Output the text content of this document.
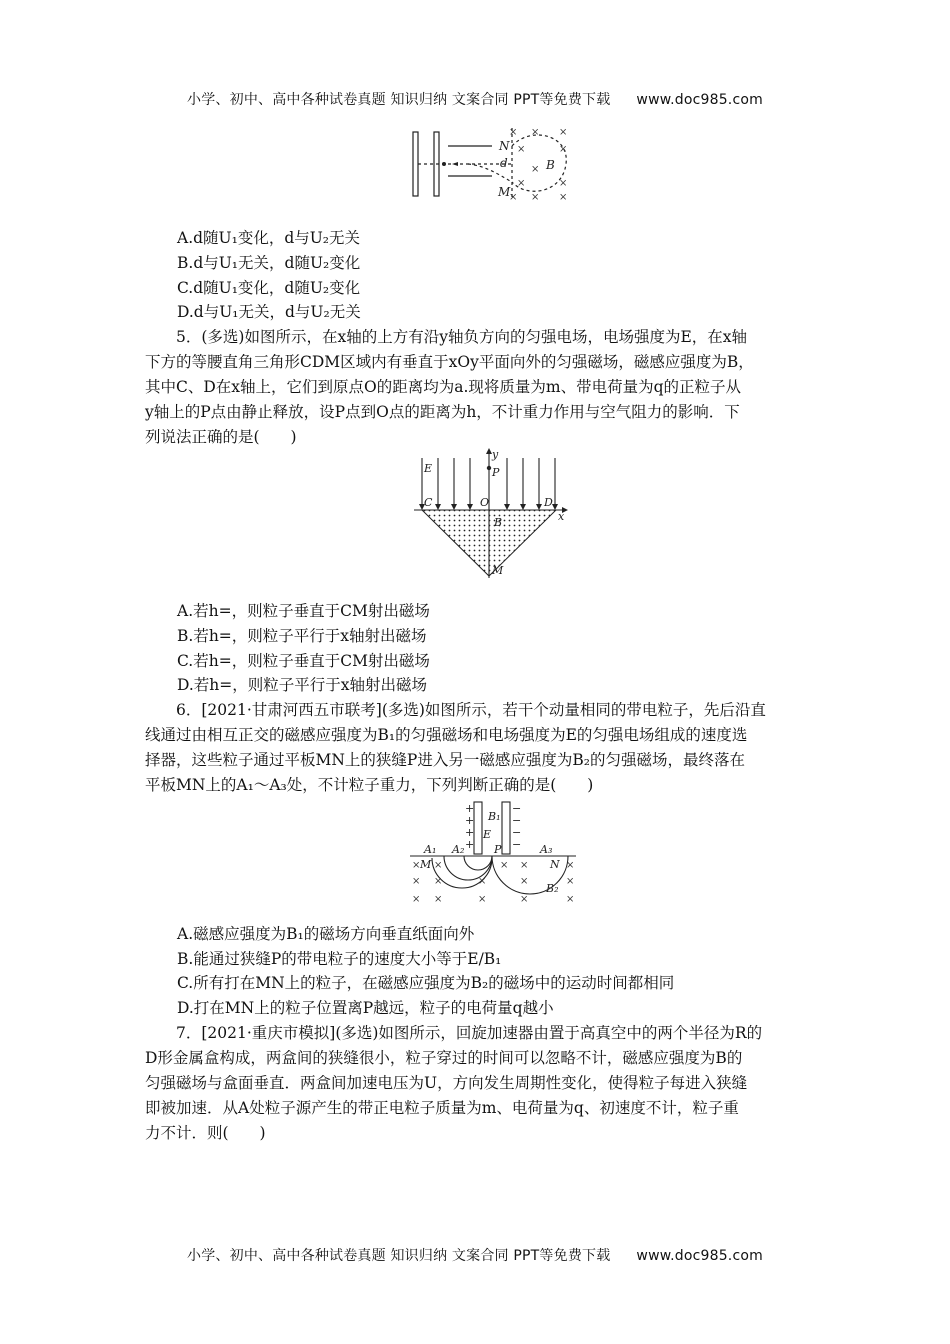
小学、初中、高中各种试卷真题 知识归纳 文案合同 PPT等免费下载 www.doc985.com
N
d	B
M
× × ×
×	×
×
×	×
× × ×
A.d随U₁变化，d与U₂无关
B.d与U₁无关，d随U₂变化
C.d随U₁变化，d随U₂变化
D.d与U₁无关，d与U₂无关
5．(多选)如图所示，在x轴的上方有沿y轴负方向的匀强电场，电场强度为E，在x轴
下方的等腰直角三角形CDM区域内有垂直于xOy平面向外的匀强磁场，磁感应强度为B，
其中C、D在x轴上，它们到原点O的距离均为a.现将质量为m、带电荷量为q的正粒子从
y轴上的P点由静止释放，设P点到O点的距离为h，不计重力作用与空气阻力的影响．下
列说法正确的是(　　)
y
E	P
C	O	D
x
B
M
A.若h=，则粒子垂直于CM射出磁场
B.若h=，则粒子平行于x轴射出磁场
C.若h=，则粒子垂直于CM射出磁场
D.若h=，则粒子平行于x轴射出磁场
6．[2021·甘肃河西五市联考](多选)如图所示，若干个动量相同的带电粒子，先后沿直
线通过由相互正交的磁感应强度为B₁的匀强磁场和电场强度为E的匀强电场组成的速度选
择器，这些粒子通过平板MN上的狭缝P进入另一磁感应强度为B₂的匀强磁场，最终落在
平板MN上的A₁～A₃处，不计粒子重力，下列判断正确的是(　　)
+
+
+
+
−
−
−
−
B₁
E
A₁ A₂	P	A₃
M	N
B₂
× ×	× ×	×
× ×	×	×	×
× ×	×	×	×
A.磁感应强度为B₁的磁场方向垂直纸面向外
B.能通过狭缝P的带电粒子的速度大小等于E/B₁
C.所有打在MN上的粒子，在磁感应强度为B₂的磁场中的运动时间都相同
D.打在MN上的粒子位置离P越远，粒子的电荷量q越小
7．[2021·重庆市模拟](多选)如图所示，回旋加速器由置于高真空中的两个半径为R的
D形金属盒构成，两盒间的狭缝很小，粒子穿过的时间可以忽略不计，磁感应强度为B的
匀强磁场与盒面垂直．两盒间加速电压为U，方向发生周期性变化，使得粒子每进入狭缝
即被加速．从A处粒子源产生的带正电粒子质量为m、电荷量为q、初速度不计，粒子重
力不计．则(　　)
小学、初中、高中各种试卷真题 知识归纳 文案合同 PPT等免费下载 www.doc985.com
